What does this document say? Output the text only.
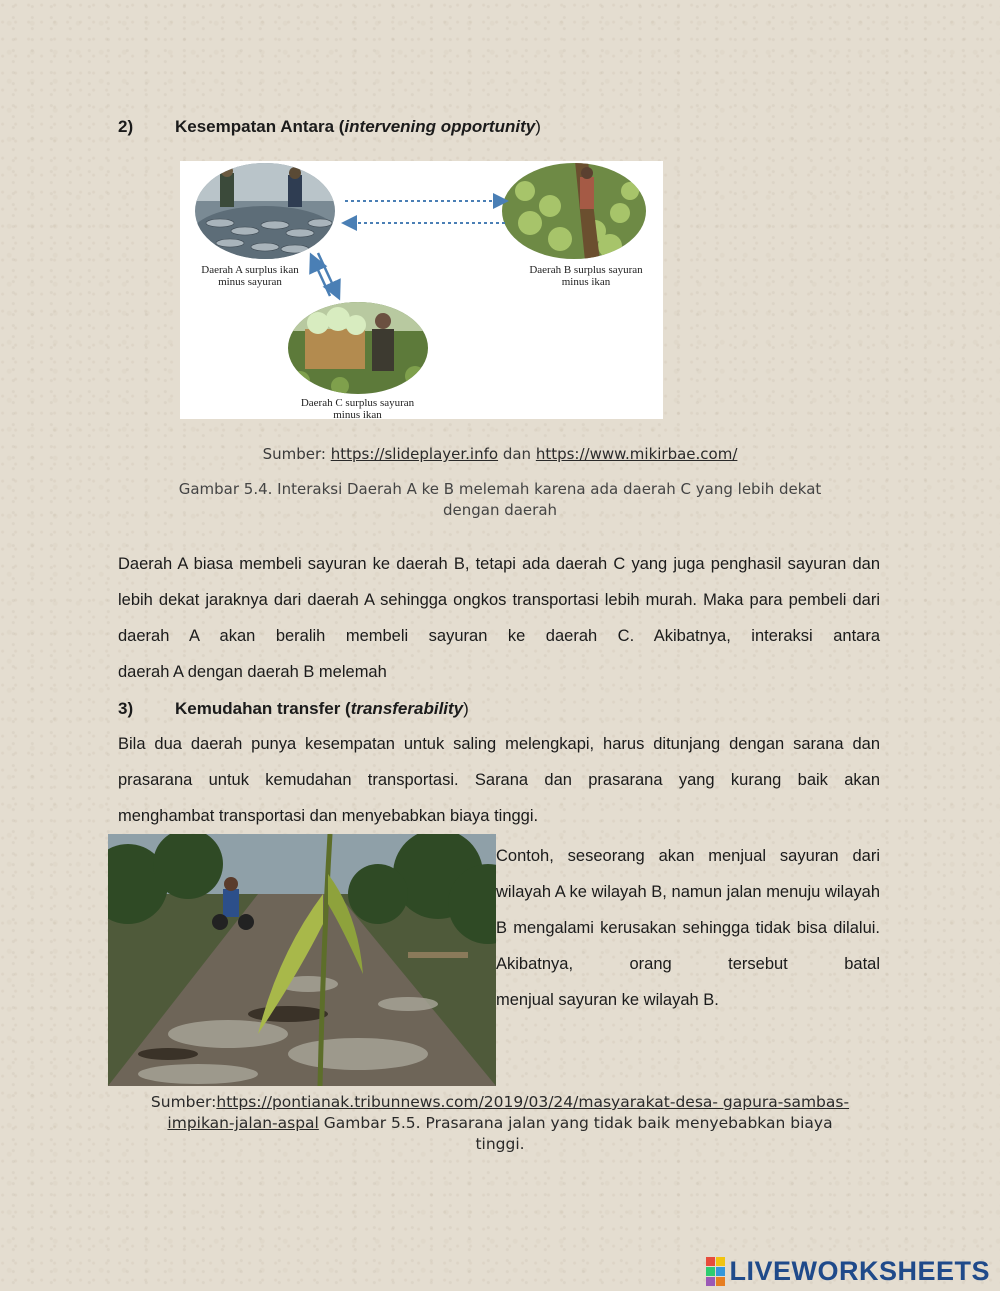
2) Kesempatan Antara (intervening opportunity)
Daerah A surplus ikan
minus sayuran
Daerah B surplus sayuran
minus ikan
Daerah C surplus sayuran
minus ikan
Sumber: https://slideplayer.info dan https://www.mikirbae.com/
Gambar 5.4. Interaksi Daerah A ke B melemah karena ada daerah C yang lebih dekat
dengan daerah
Daerah A biasa membeli sayuran ke daerah B, tetapi ada daerah C yang juga penghasil sayuran dan lebih dekat jaraknya dari daerah A sehingga ongkos transportasi lebih murah. Maka para pembeli dari daerah A akan beralih membeli sayuran ke daerah C. Akibatnya, interaksi antara
daerah A dengan daerah B melemah
3) Kemudahan transfer (transferability)
Bila dua daerah punya kesempatan untuk saling melengkapi, harus ditunjang dengan sarana dan prasarana untuk kemudahan transportasi. Sarana dan prasarana yang kurang baik akan
menghambat transportasi dan menyebabkan biaya tinggi.
Contoh, seseorang akan menjual sayuran dari wilayah A ke wilayah B, namun jalan menuju wilayah B mengalami kerusakan sehingga tidak bisa dilalui. Akibatnya, orang tersebut batal
menjual sayuran ke wilayah B.
Sumber:https://pontianak.tribunnews.com/2019/03/24/masyarakat-desa- gapura-sambas-
impikan-jalan-aspal Gambar 5.5. Prasarana jalan yang tidak baik menyebabkan biaya
tinggi.
LIVEWORKSHEETS
